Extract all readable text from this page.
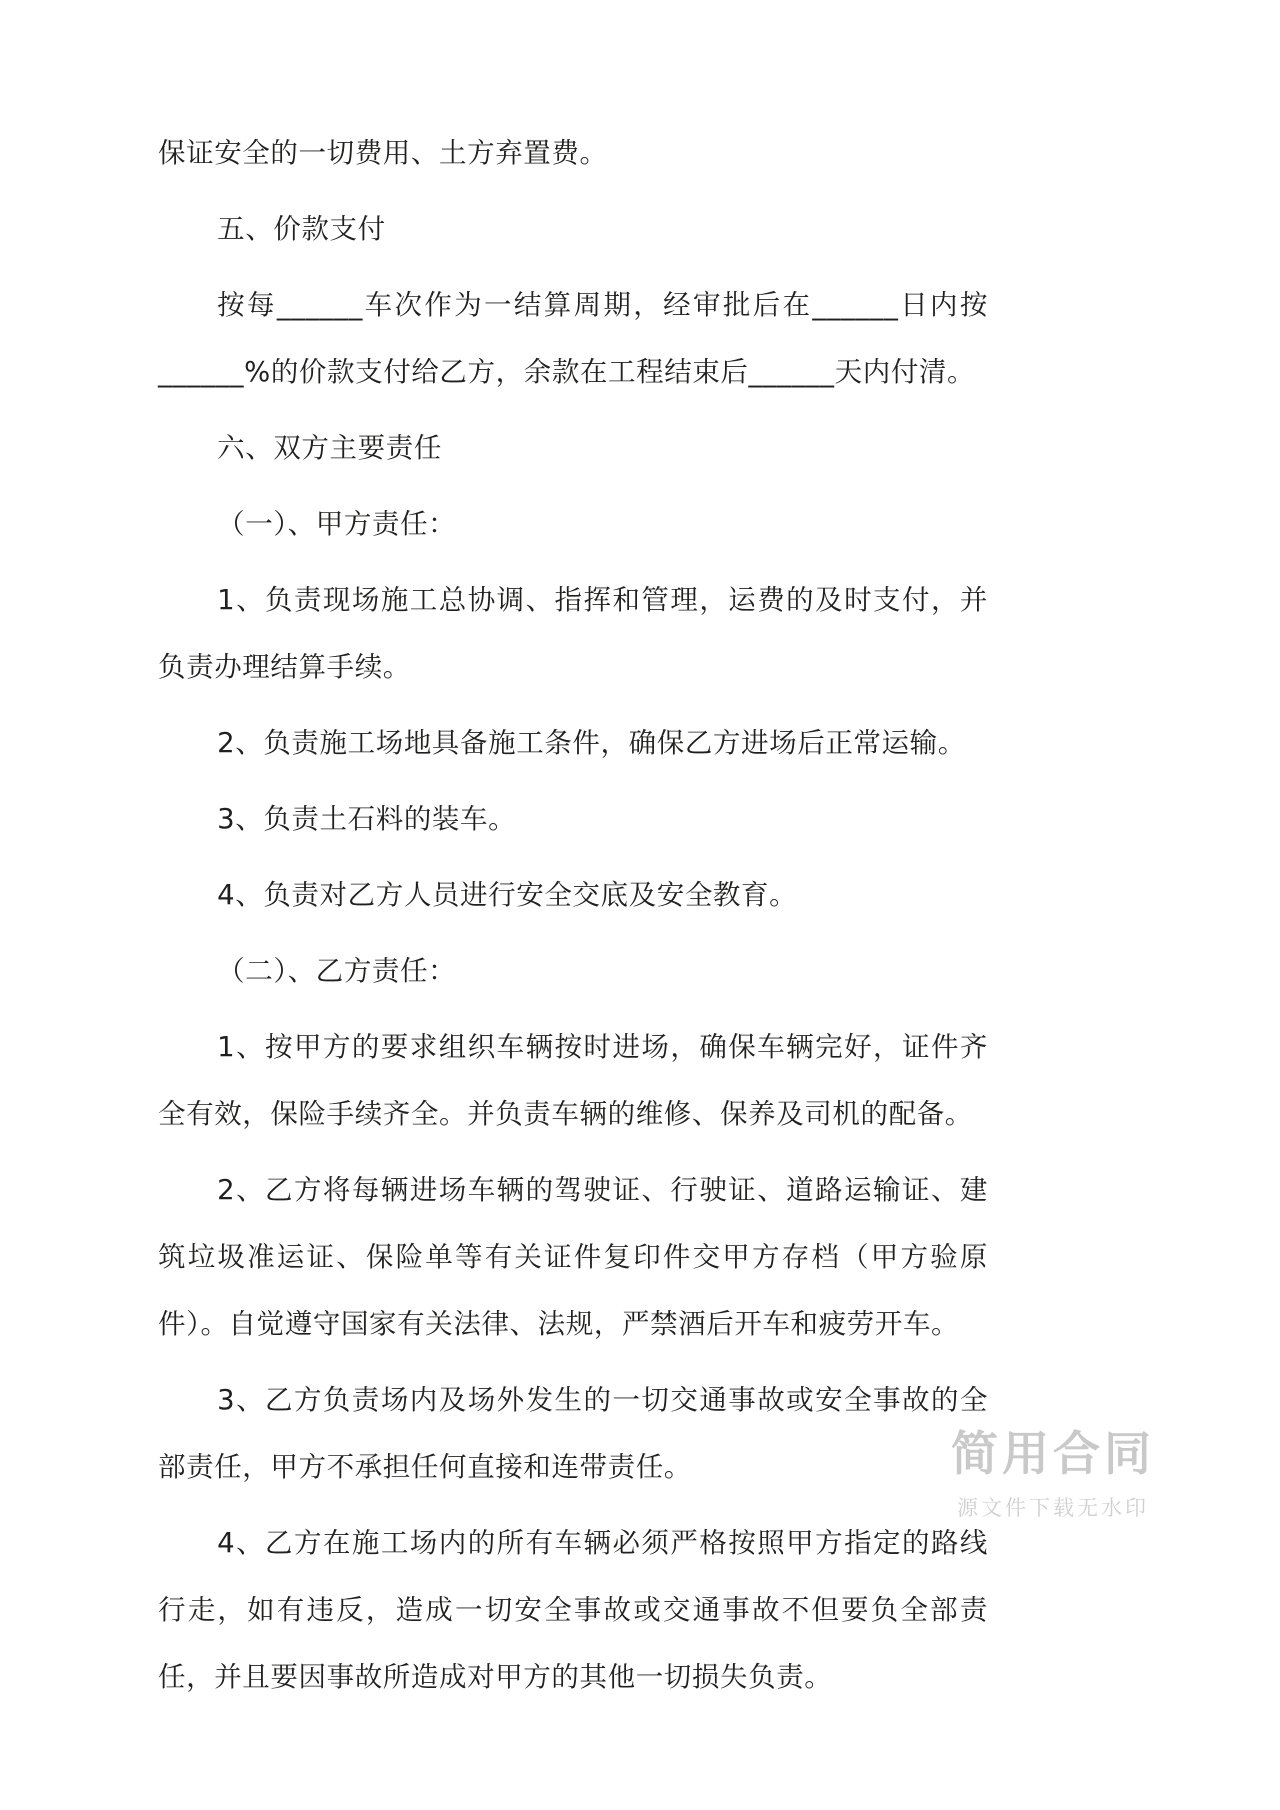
保证安全的一切费用、土方弃置费。

五、价款支付

按每______车次作为一结算周期，经审批后在______日内按______%的价款支付给乙方，余款在工程结束后______天内付清。

六、双方主要责任

（一）、甲方责任：

1、负责现场施工总协调、指挥和管理，运费的及时支付，并负责办理结算手续。

2、负责施工场地具备施工条件，确保乙方进场后正常运输。

3、负责土石料的装车。

4、负责对乙方人员进行安全交底及安全教育。

（二）、乙方责任：

1、按甲方的要求组织车辆按时进场，确保车辆完好，证件齐全有效，保险手续齐全。并负责车辆的维修、保养及司机的配备。

2、乙方将每辆进场车辆的驾驶证、行驶证、道路运输证、建筑垃圾准运证、保险单等有关证件复印件交甲方存档（甲方验原件）。自觉遵守国家有关法律、法规，严禁酒后开车和疲劳开车。

3、乙方负责场内及场外发生的一切交通事故或安全事故的全部责任，甲方不承担任何直接和连带责任。

4、乙方在施工场内的所有车辆必须严格按照甲方指定的路线行走，如有违反，造成一切安全事故或交通事故不但要负全部责任，并且要因事故所造成对甲方的其他一切损失负责。

简用合同
源文件下载无水印
